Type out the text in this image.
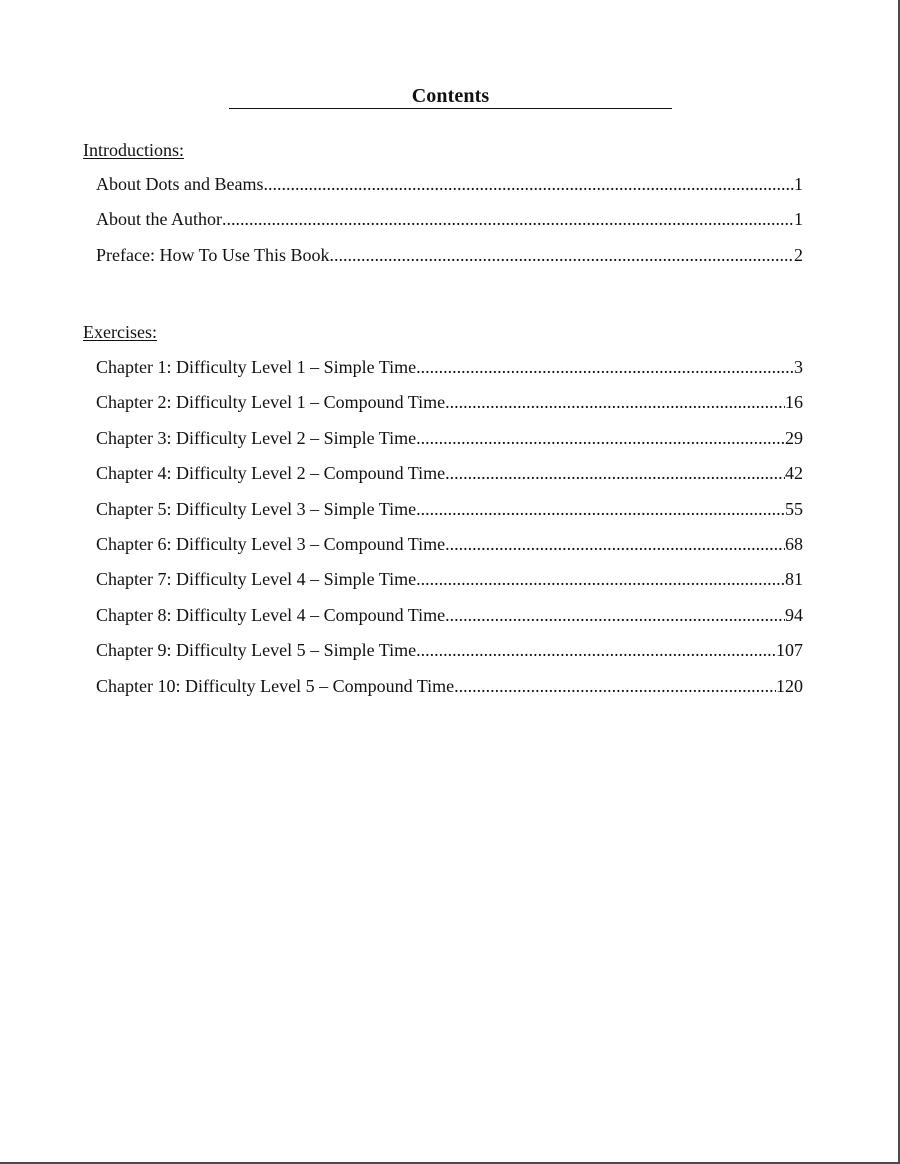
Contents
Introductions:
About Dots and Beams .....	1
About the Author .....	1
Preface: How To Use This Book .....	2
Exercises:
Chapter 1: Difficulty Level 1 – Simple Time .....	3
Chapter 2: Difficulty Level 1 – Compound Time .....	16
Chapter 3: Difficulty Level 2 – Simple Time .....	29
Chapter 4: Difficulty Level 2 – Compound Time .....	42
Chapter 5: Difficulty Level 3 – Simple Time .....	55
Chapter 6: Difficulty Level 3 – Compound Time .....	68
Chapter 7: Difficulty Level 4 – Simple Time .....	81
Chapter 8: Difficulty Level 4 – Compound Time .....	94
Chapter 9: Difficulty Level 5 – Simple Time .....	107
Chapter 10: Difficulty Level 5 – Compound Time .....	120
